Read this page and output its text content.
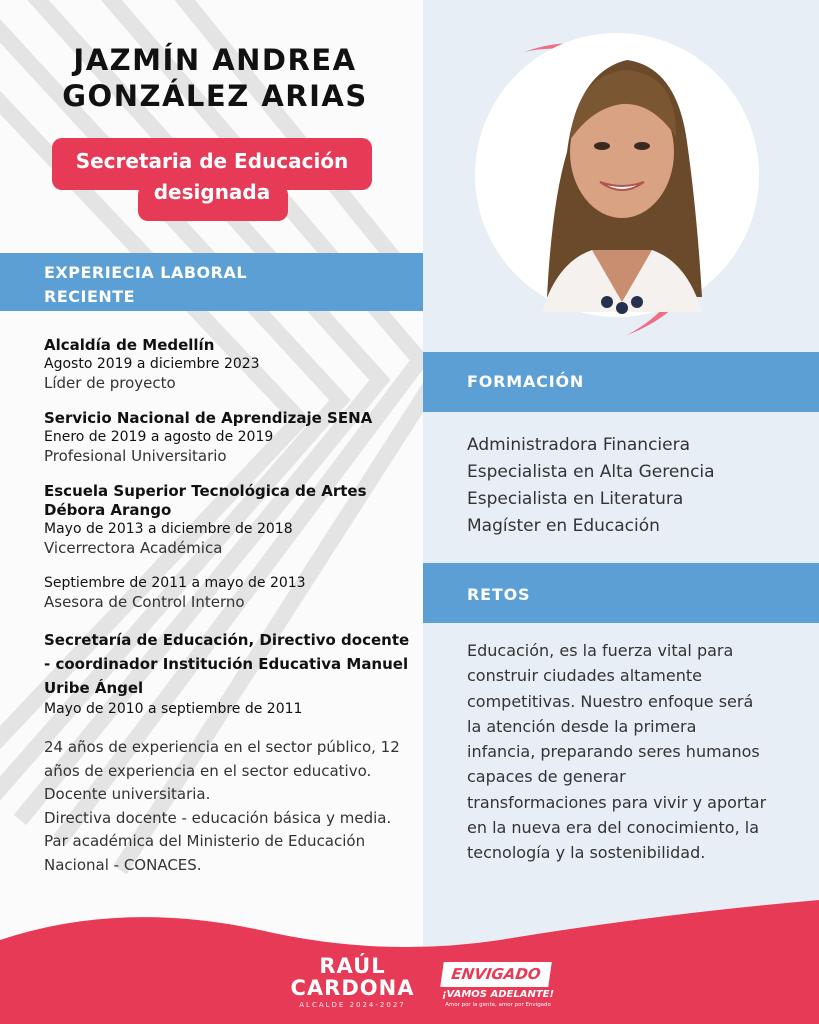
JAZMÍN ANDREA
GONZÁLEZ ARIAS
Secretaria de Educación
designada
EXPERIECIA LABORAL
RECIENTE
Alcaldía de Medellín
Agosto 2019 a diciembre 2023
Líder de proyecto
Servicio Nacional de Aprendizaje SENA
Enero de 2019 a agosto de 2019
Profesional Universitario
Escuela Superior Tecnológica de Artes Débora Arango
Mayo de 2013 a diciembre de 2018
Vicerrectora Académica
Septiembre de 2011 a mayo de 2013
Asesora de Control Interno
Secretaría de Educación, Directivo docente - coordinador Institución Educativa Manuel Uribe Ángel
Mayo de 2010 a septiembre de 2011
24 años de experiencia en el sector público, 12 años de experiencia en el sector educativo.
Docente universitaria.
Directiva docente - educación básica y media. Par académica del Ministerio de Educación Nacional - CONACES.
FORMACIÓN
Administradora Financiera
Especialista en Alta Gerencia
Especialista en Literatura
Magíster en Educación
RETOS
Educación, es la fuerza vital para construir ciudades altamente competitivas. Nuestro enfoque será la atención desde la primera infancia, preparando seres humanos capaces de generar transformaciones para vivir y aportar en la nueva era del conocimiento, la tecnología y la sostenibilidad.
RAÚL
CARDONA
ALCALDE 2024-2027
ENVIGADO
¡VAMOS ADELANTE!
Amor por la gente, amor por Envigado
